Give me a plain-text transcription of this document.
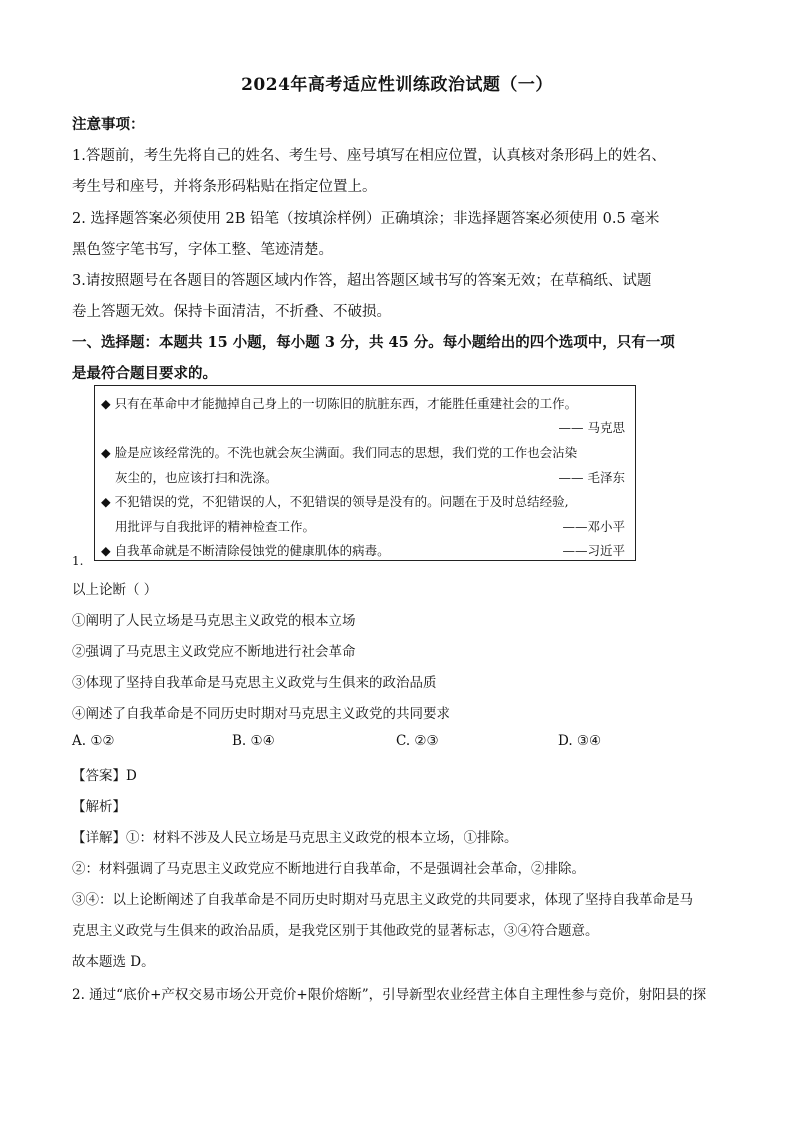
2024年高考适应性训练政治试题（一）
注意事项：
1.答题前，考生先将自己的姓名、考生号、座号填写在相应位置，认真核对条形码上的姓名、
考生号和座号，并将条形码粘贴在指定位置上。
2. 选择题答案必须使用 2B 铅笔（按填涂样例）正确填涂；非选择题答案必须使用 0.5 毫米
黑色签字笔书写，字体工整、笔迹清楚。
3.请按照题号在各题目的答题区域内作答，超出答题区域书写的答案无效；在草稿纸、试题
卷上答题无效。保持卡面清洁，不折叠、不破损。
一、选择题：本题共 15 小题，每小题 3 分，共 45 分。每小题给出的四个选项中，只有一项
是最符合题目要求的。
◆ 只有在革命中才能抛掉自己身上的一切陈旧的肮脏东西，才能胜任重建社会的工作。
—— 马克思
◆ 脸是应该经常洗的。不洗也就会灰尘满面。我们同志的思想，我们党的工作也会沾染
灰尘的，也应该打扫和洗涤。	—— 毛泽东
◆ 不犯错误的党，不犯错误的人，不犯错误的领导是没有的。问题在于及时总结经验,
用批评与自我批评的精神检查工作。	——邓小平
◆ 自我革命就是不断清除侵蚀党的健康肌体的病毒。	——习近平
1.
以上论断（ ）
①阐明了人民立场是马克思主义政党的根本立场
②强调了马克思主义政党应不断地进行社会革命
③体现了坚持自我革命是马克思主义政党与生俱来的政治品质
④阐述了自我革命是不同历史时期对马克思主义政党的共同要求
A. ①②	B. ①④	C. ②③	D. ③④
【答案】D
【解析】
【详解】①：材料不涉及人民立场是马克思主义政党的根本立场，①排除。
②：材料强调了马克思主义政党应不断地进行自我革命，不是强调社会革命，②排除。
③④：以上论断阐述了自我革命是不同历史时期对马克思主义政党的共同要求，体现了坚持自我革命是马
克思主义政党与生俱来的政治品质，是我党区别于其他政党的显著标志，③④符合题意。
故本题选 D。
2. 通过“底价+产权交易市场公开竞价+限价熔断”，引导新型农业经营主体自主理性参与竞价，射阳县的探
